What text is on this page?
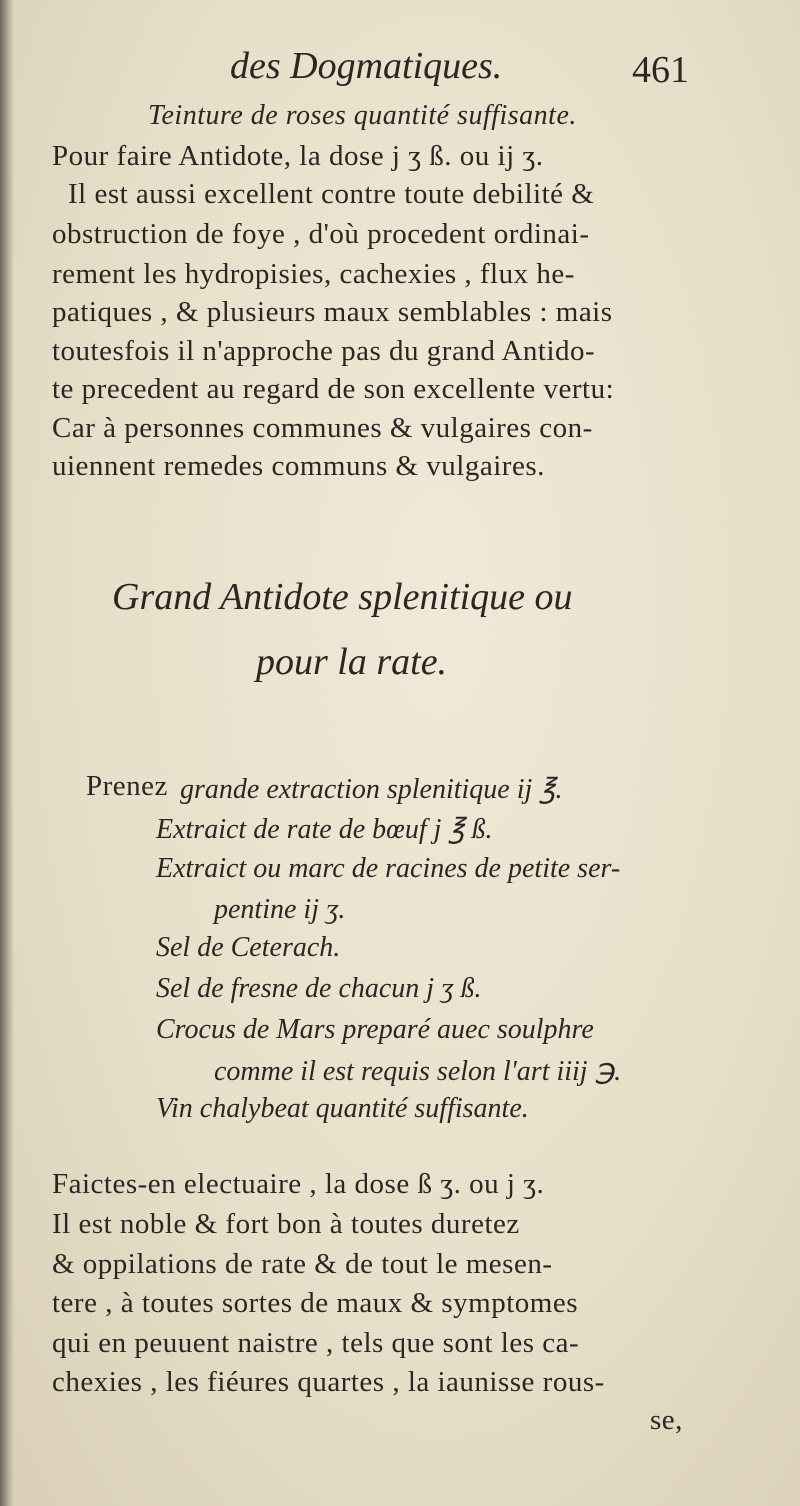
des Dogmatiques.	461
Teinture de roses quantité suffisante.
Pour faire Antidote, la dose j ʒ ß. ou ij ʒ.
Il est aussi excellent contre toute debilité &
obstruction de foye , d'où procedent ordinai-
rement les hydropisies, cachexies , flux he-
patiques , & plusieurs maux semblables : mais
toutesfois il n'approche pas du grand Antido-
te precedent au regard de son excellente vertu:
Car à personnes communes & vulgaires con-
uiennent remedes communs & vulgaires.
Grand Antidote splenitique ou
pour la rate.
Prenez grande extraction splenitique ij ℥.
Extraict de rate de bœuf j ℥ ß.
Extraict ou marc de racines de petite ser-
pentine ij ʒ.
Sel de Ceterach.
Sel de fresne de chacun j ʒ ß.
Crocus de Mars preparé auec soulphre
comme il est requis selon l'art iiij ℈.
Vin chalybeat quantité suffisante.
Faictes-en electuaire , la dose ß ʒ. ou j ʒ.
Il est noble & fort bon à toutes duretez
& oppilations de rate & de tout le mesen-
tere , à toutes sortes de maux & symptomes
qui en peuuent naistre , tels que sont les ca-
chexies , les fiéures quartes , la iaunisse rous-
se,
